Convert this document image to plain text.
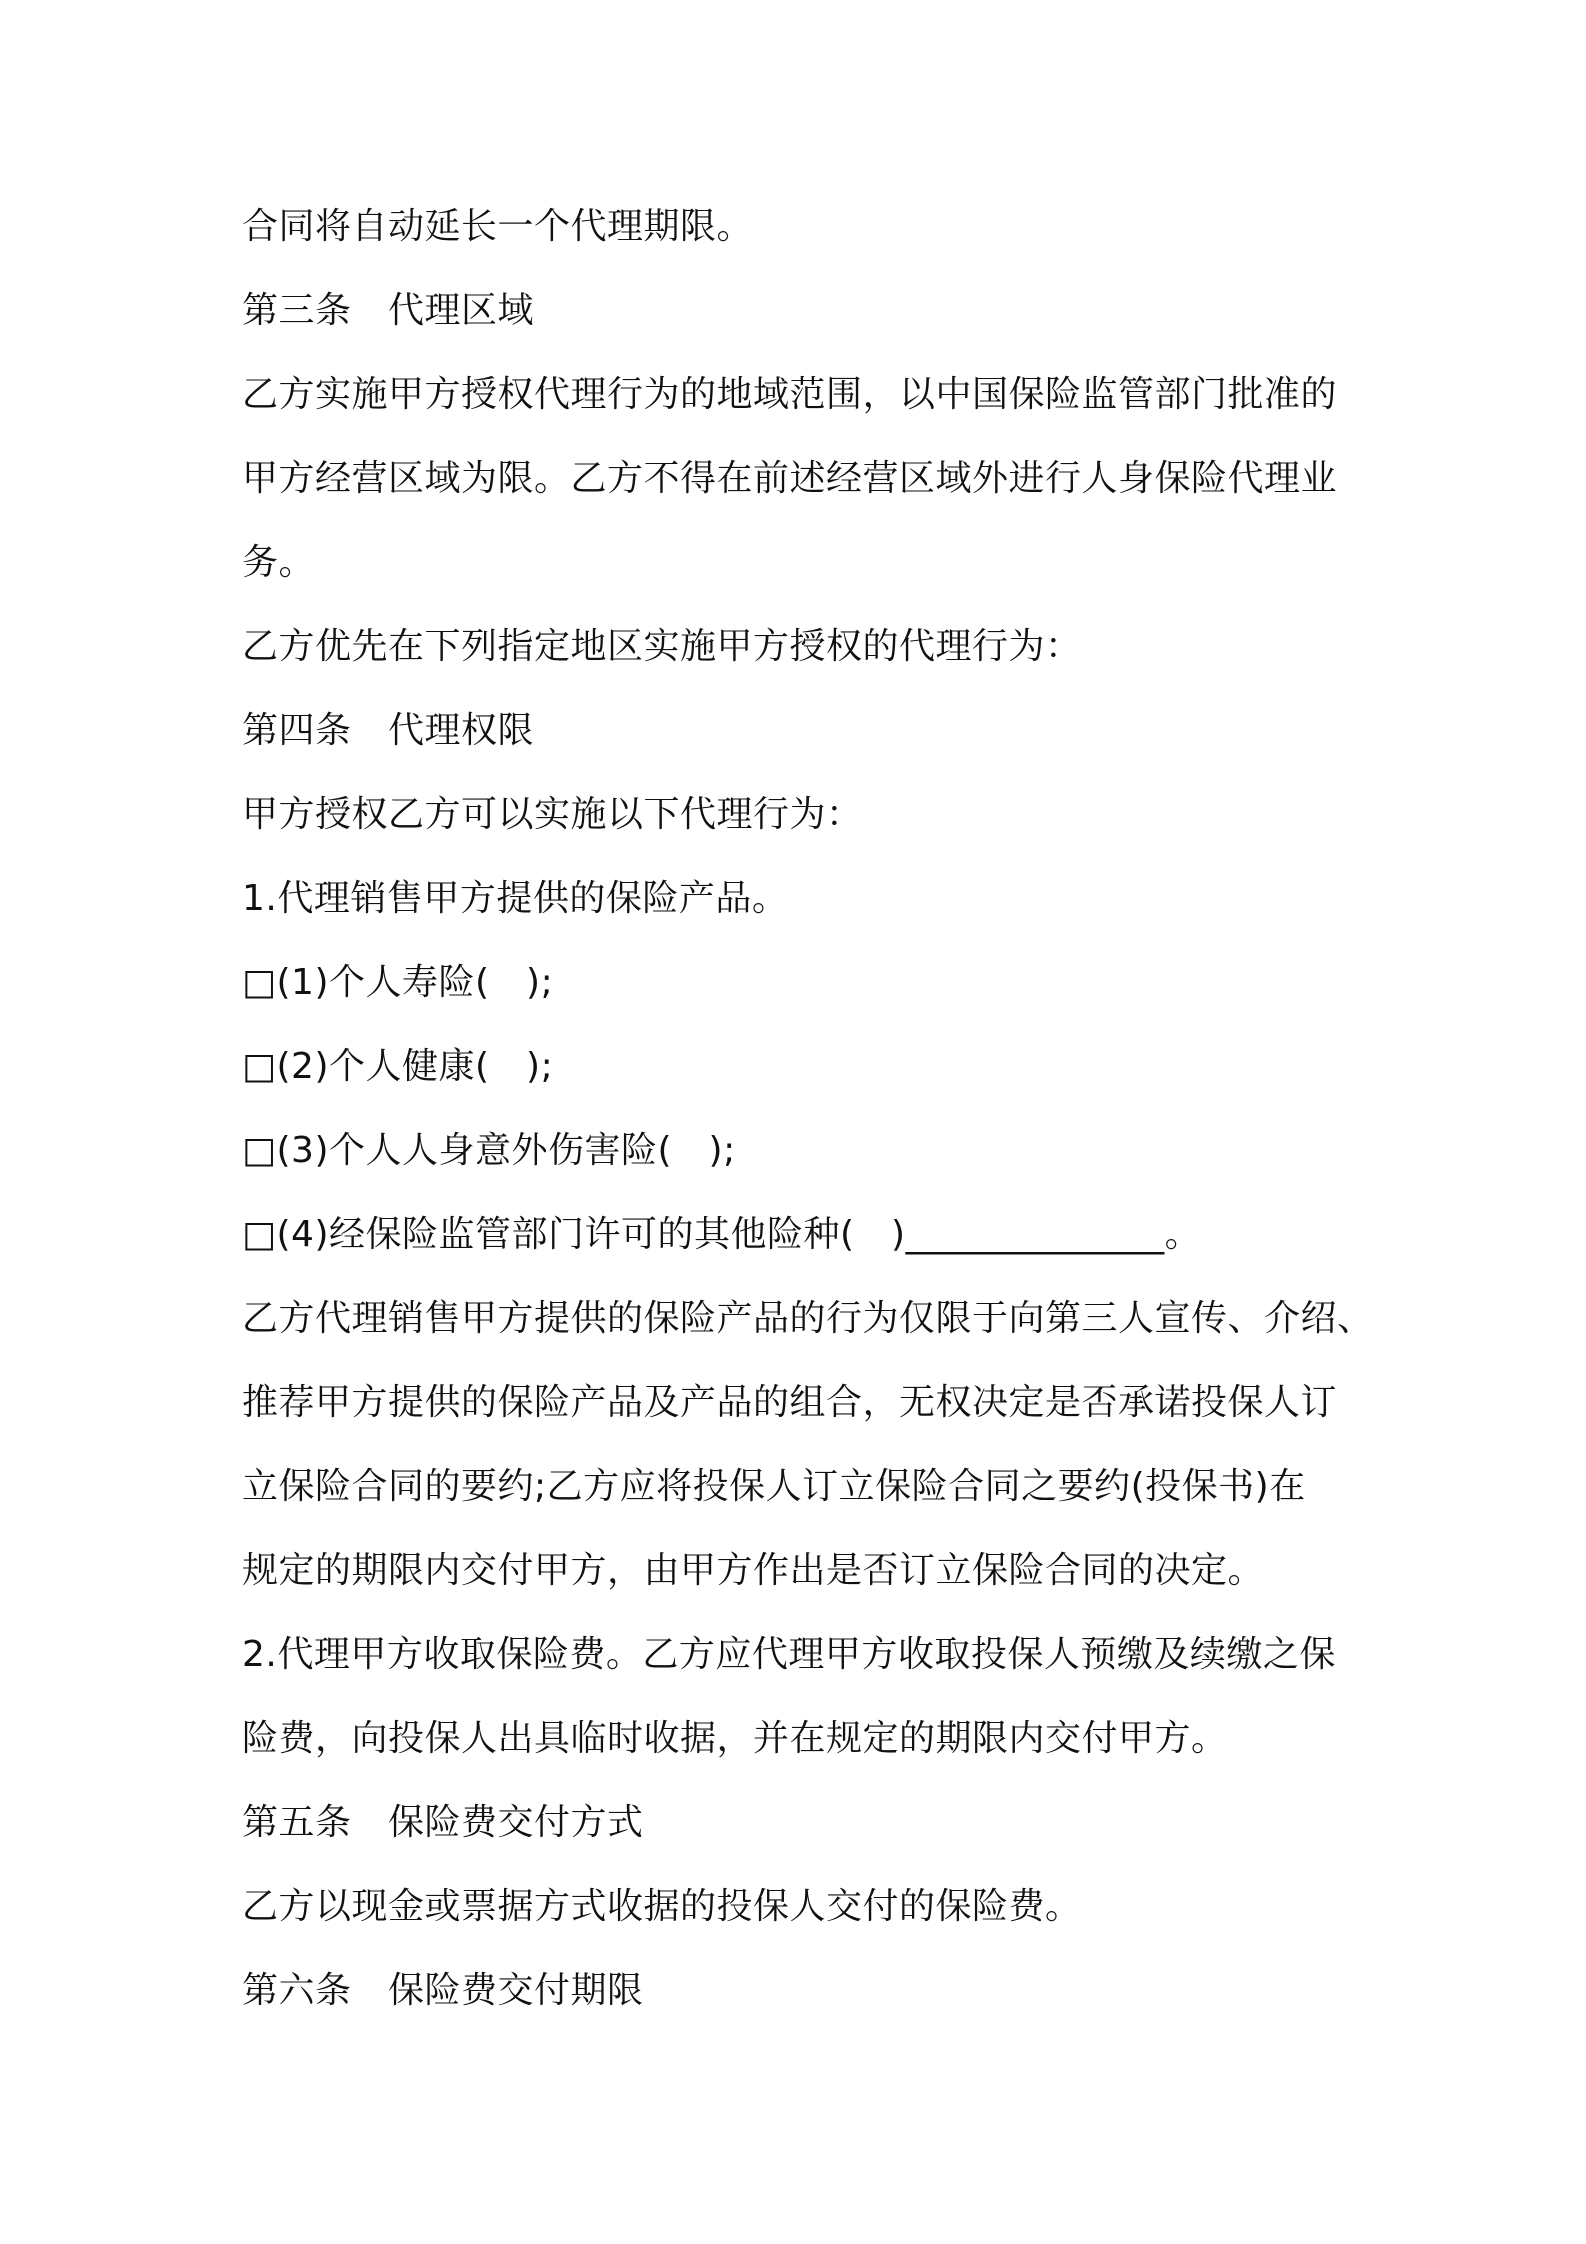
合同将自动延长一个代理期限。
第三条　代理区域
乙方实施甲方授权代理行为的地域范围，以中国保险监管部门批准的
甲方经营区域为限。乙方不得在前述经营区域外进行人身保险代理业
务。
乙方优先在下列指定地区实施甲方授权的代理行为：
第四条　代理权限
甲方授权乙方可以实施以下代理行为：
1.代理销售甲方提供的保险产品。
□(1)个人寿险(　);
□(2)个人健康(　);
□(3)个人人身意外伤害险(　);
□(4)经保险监管部门许可的其他险种(　)______________。
乙方代理销售甲方提供的保险产品的行为仅限于向第三人宣传、介绍、
推荐甲方提供的保险产品及产品的组合，无权决定是否承诺投保人订
立保险合同的要约;乙方应将投保人订立保险合同之要约(投保书)在
规定的期限内交付甲方，由甲方作出是否订立保险合同的决定。
2.代理甲方收取保险费。乙方应代理甲方收取投保人预缴及续缴之保
险费，向投保人出具临时收据，并在规定的期限内交付甲方。
第五条　保险费交付方式
乙方以现金或票据方式收据的投保人交付的保险费。
第六条　保险费交付期限
